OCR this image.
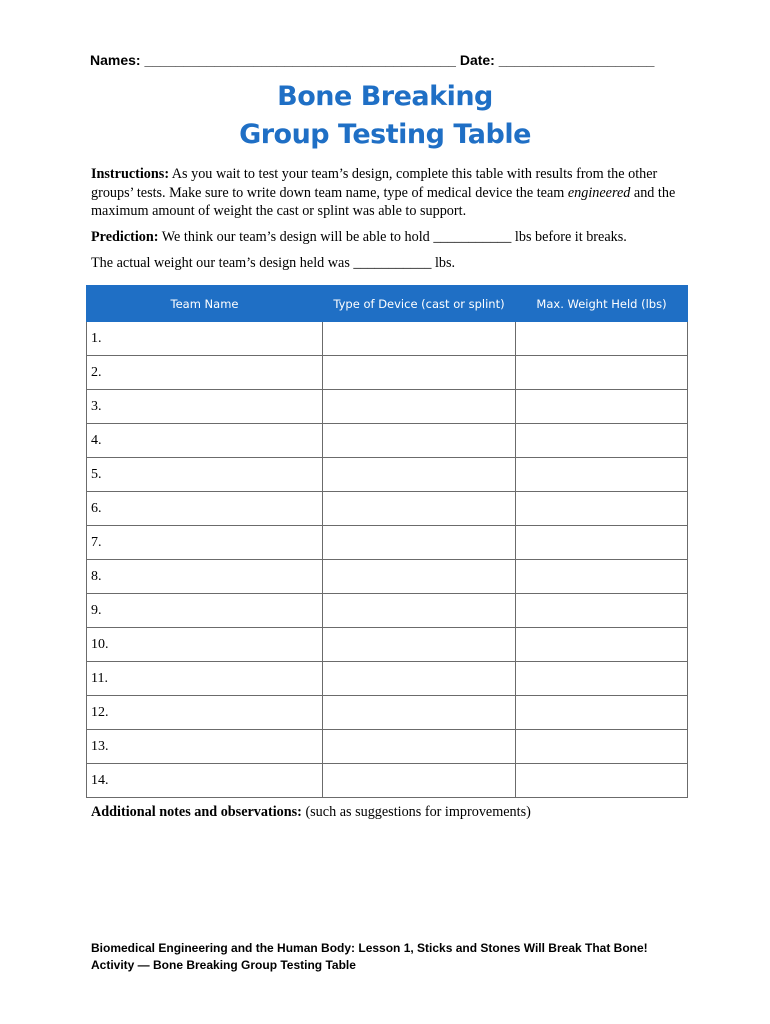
Names: ________________________________________ Date: ____________________
Bone Breaking
Group Testing Table
Instructions: As you wait to test your team’s design, complete this table with results from the other groups’ tests. Make sure to write down team name, type of medical device the team engineered and the maximum amount of weight the cast or splint was able to support.
Prediction: We think our team’s design will be able to hold ___________ lbs before it breaks.
The actual weight our team’s design held was ___________ lbs.
Team Name	Type of Device (cast or splint)	Max. Weight Held (lbs)
1.		
2.		
3.		
4.		
5.		
6.		
7.		
8.		
9.		
10.		
11.		
12.		
13.		
14.		
Additional notes and observations: (such as suggestions for improvements)
Biomedical Engineering and the Human Body: Lesson 1, Sticks and Stones Will Break That Bone!
Activity — Bone Breaking Group Testing Table
